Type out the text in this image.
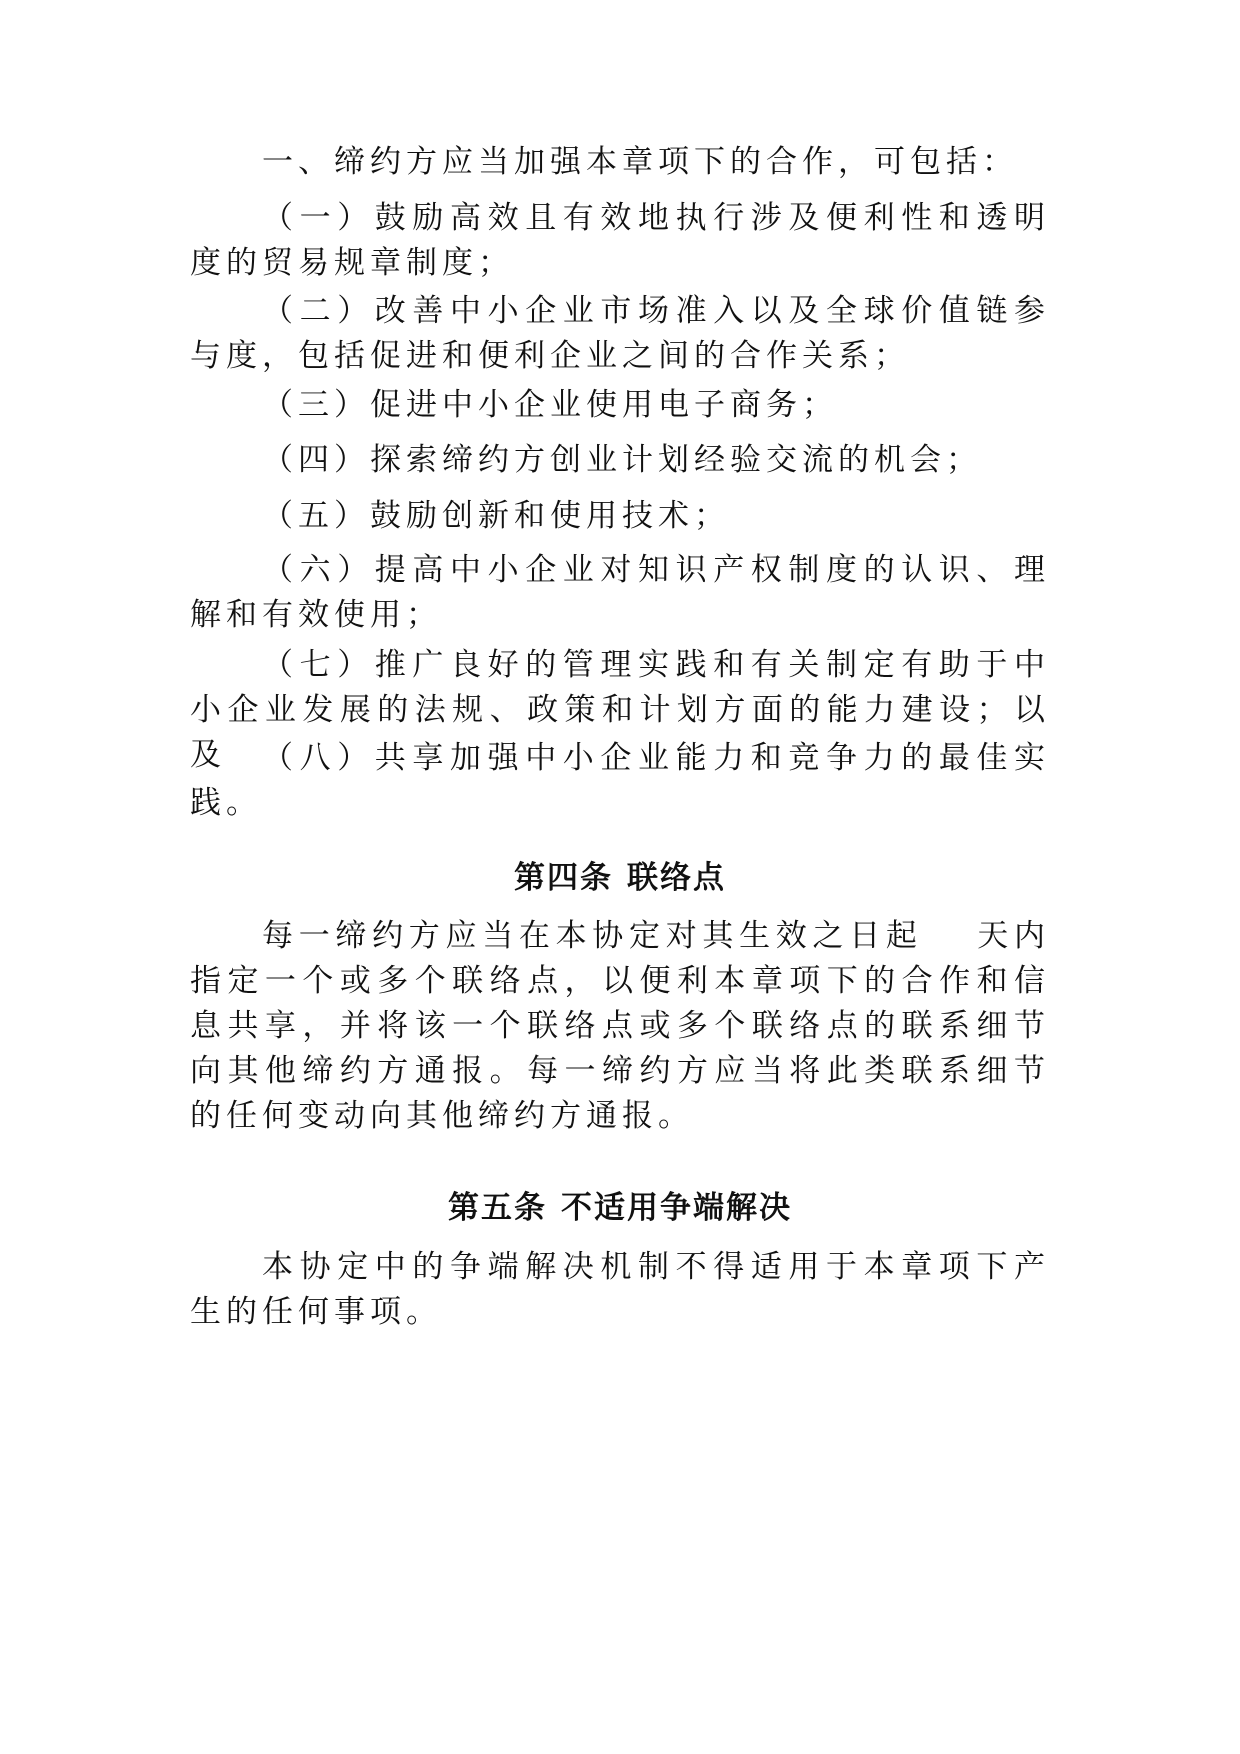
一、缔约方应当加强本章项下的合作，可包括：

（一）鼓励高效且有效地执行涉及便利性和透明度的贸易规章制度；

（二）改善中小企业市场准入以及全球价值链参与度，包括促进和便利企业之间的合作关系；

（三）促进中小企业使用电子商务；

（四）探索缔约方创业计划经验交流的机会；

（五）鼓励创新和使用技术；

（六）提高中小企业对知识产权制度的认识、理解和有效使用；

（七）推广良好的管理实践和有关制定有助于中小企业发展的法规、政策和计划方面的能力建设；以及	（八）共享加强中小企业能力和竞争力的最佳实践。

第四条 联络点

每一缔约方应当在本协定对其生效之日起 天内指定一个或多个联络点，以便利本章项下的合作和信息共享，并将该一个联络点或多个联络点的联系细节向其他缔约方通报。每一缔约方应当将此类联系细节的任何变动向其他缔约方通报。

第五条 不适用争端解决

本协定中的争端解决机制不得适用于本章项下产生的任何事项。
